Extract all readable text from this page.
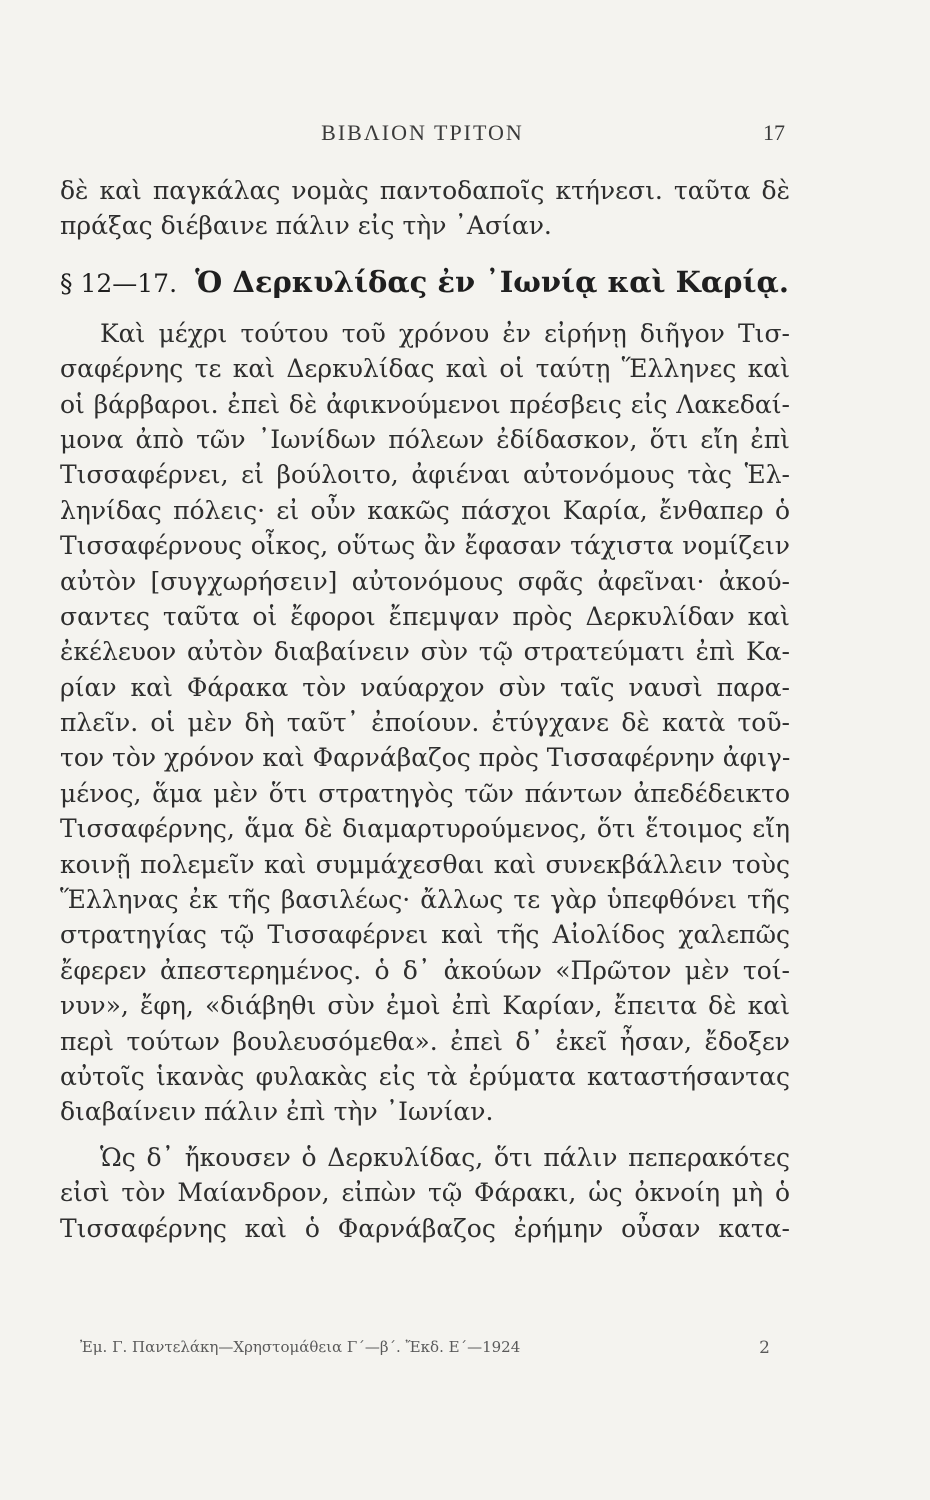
ΒΙΒΛΙΟΝ ΤΡΙΤΟΝ	17
δὲ καὶ παγκάλας νομὰς παντοδαποῖς κτήνεσι. ταῦτα δὲ
πράξας διέβαινε πάλιν εἰς τὴν ᾿Ασίαν.
§ 12—17. Ὁ Δερκυλίδας ἐν ᾿Ιωνίᾳ καὶ Καρίᾳ.
Καὶ μέχρι τούτου τοῦ χρόνου ἐν εἰρήνῃ διῆγον Τισ-
σαφέρνης τε καὶ Δερκυλίδας καὶ οἱ ταύτῃ Ἕλληνες καὶ
οἱ βάρβαροι. ἐπεὶ δὲ ἀφικνούμενοι πρέσβεις εἰς Λακεδαί-
μονα ἀπὸ τῶν ᾿Ιωνίδων πόλεων ἐδίδασκον, ὅτι εἴη ἐπὶ
Τισσαφέρνει, εἰ βούλοιτο, ἀφιέναι αὐτονόμους τὰς Ἑλ-
ληνίδας πόλεις· εἰ οὖν κακῶς πάσχοι Καρία, ἔνθαπερ ὁ
Τισσαφέρνους οἶκος, οὕτως ἂν ἔφασαν τάχιστα νομίζειν
αὐτὸν [συγχωρήσειν] αὐτονόμους σφᾶς ἀφεῖναι· ἀκού-
σαντες ταῦτα οἱ ἔφοροι ἔπεμψαν πρὸς Δερκυλίδαν καὶ
ἐκέλευον αὐτὸν διαβαίνειν σὺν τῷ στρατεύματι ἐπὶ Κα-
ρίαν καὶ Φάρακα τὸν ναύαρχον σὺν ταῖς ναυσὶ παρα-
πλεῖν. οἱ μὲν δὴ ταῦτ᾿ ἐποίουν. ἐτύγχανε δὲ κατὰ τοῦ-
τον τὸν χρόνον καὶ Φαρνάβαζος πρὸς Τισσαφέρνην ἀφιγ-
μένος, ἅμα μὲν ὅτι στρατηγὸς τῶν πάντων ἀπεδέδεικτο
Τισσαφέρνης, ἅμα δὲ διαμαρτυρούμενος, ὅτι ἕτοιμος εἴη
κοινῇ πολεμεῖν καὶ συμμάχεσθαι καὶ συνεκβάλλειν τοὺς
Ἕλληνας ἐκ τῆς βασιλέως· ἄλλως τε γὰρ ὑπεφθόνει τῆς
στρατηγίας τῷ Τισσαφέρνει καὶ τῆς Αἰολίδος χαλεπῶς
ἔφερεν ἀπεστερημένος. ὁ δ᾿ ἀκούων «Πρῶτον μὲν τοί-
νυν», ἔφη, «διάβηθι σὺν ἐμοὶ ἐπὶ Καρίαν, ἔπειτα δὲ καὶ
περὶ τούτων βουλευσόμεθα». ἐπεὶ δ᾿ ἐκεῖ ἦσαν, ἔδοξεν
αὐτοῖς ἱκανὰς φυλακὰς εἰς τὰ ἐρύματα καταστήσαντας
διαβαίνειν πάλιν ἐπὶ τὴν ᾿Ιωνίαν.
Ὡς δ᾿ ἤκουσεν ὁ Δερκυλίδας, ὅτι πάλιν πεπερακότες
εἰσὶ τὸν Μαίανδρον, εἰπὼν τῷ Φάρακι, ὡς ὀκνοίη μὴ ὁ
Τισσαφέρνης καὶ ὁ Φαρνάβαζος ἐρήμην οὖσαν κατα-
Ἐμ. Γ. Παντελάκη—Χρηστομάθεια Γ΄—β΄. Ἔκδ. Ε΄—1924	2
